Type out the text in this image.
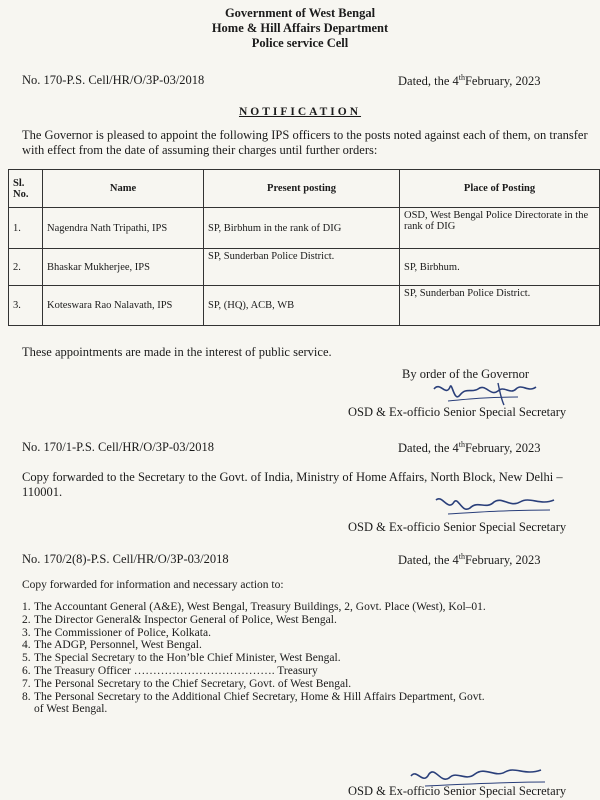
Government of West Bengal
Home & Hill Affairs Department
Police service Cell
No. 170-P.S. Cell/HR/O/3P-03/2018	Dated, the 4thFebruary, 2023
NOTIFICATION
The Governor is pleased to appoint the following IPS officers to the posts noted against each of them, on transfer with effect from the date of assuming their charges until further orders:
Sl. No.	Name	Present posting	Place of Posting
1.	Nagendra Nath Tripathi, IPS	SP, Birbhum in the rank of DIG	OSD, West Bengal Police Directorate in the rank of DIG
2.	Bhaskar Mukherjee, IPS	SP, Sunderban Police District.	SP, Birbhum.
3.	Koteswara Rao Nalavath, IPS	SP, (HQ), ACB, WB	SP, Sunderban Police District.
These appointments are made in the interest of public service.
By order of the Governor
OSD & Ex-officio Senior Special Secretary
No. 170/1-P.S. Cell/HR/O/3P-03/2018	Dated, the 4thFebruary, 2023
Copy forwarded to the Secretary to the Govt. of India, Ministry of Home Affairs, North Block, New Delhi – 110001.
OSD & Ex-officio Senior Special Secretary
No. 170/2(8)-P.S. Cell/HR/O/3P-03/2018	Dated, the 4thFebruary, 2023
Copy forwarded for information and necessary action to:
1. The Accountant General (A&E), West Bengal, Treasury Buildings, 2, Govt. Place (West), Kol–01.
2. The Director General& Inspector General of Police, West Bengal.
3. The Commissioner of Police, Kolkata.
4. The ADGP, Personnel, West Bengal.
5. The Special Secretary to the Hon’ble Chief Minister, West Bengal.
6. The Treasury Officer ………………………………. Treasury
7. The Personal Secretary to the Chief Secretary, Govt. of West Bengal.
8. The Personal Secretary to the Additional Chief Secretary, Home & Hill Affairs Department, Govt.
of West Bengal.
OSD & Ex-officio Senior Special Secretary
